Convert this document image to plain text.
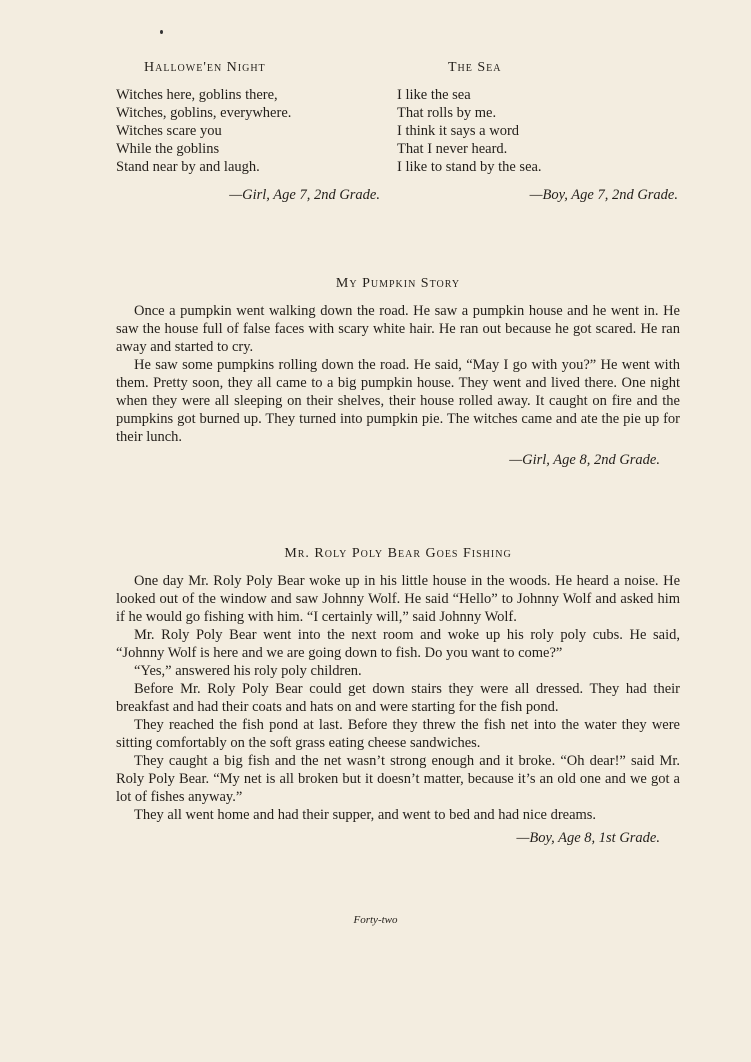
Hallowe'en Night
Witches here, goblins there,
Witches, goblins, everywhere.
Witches scare you
While the goblins
Stand near by and laugh.
—Girl, Age 7, 2nd Grade.
The Sea
I like the sea
That rolls by me.
I think it says a word
That I never heard.
I like to stand by the sea.
—Boy, Age 7, 2nd Grade.
My Pumpkin Story

Once a pumpkin went walking down the road. He saw a pumpkin house and he went in. He saw the house full of false faces with scary white hair. He ran out because he got scared. He ran away and started to cry.

He saw some pumpkins rolling down the road. He said, “May I go with you?” He went with them. Pretty soon, they all came to a big pumpkin house. They went and lived there. One night when they were all sleeping on their shelves, their house rolled away. It caught on fire and the pumpkins got burned up. They turned into pumpkin pie. The witches came and ate the pie up for their lunch.

—Girl, Age 8, 2nd Grade.
Mr. Roly Poly Bear Goes Fishing

One day Mr. Roly Poly Bear woke up in his little house in the woods. He heard a noise. He looked out of the window and saw Johnny Wolf. He said “Hello” to Johnny Wolf and asked him if he would go fishing with him. “I certainly will,” said Johnny Wolf.

Mr. Roly Poly Bear went into the next room and woke up his roly poly cubs. He said, “Johnny Wolf is here and we are going down to fish. Do you want to come?”

“Yes,” answered his roly poly children.

Before Mr. Roly Poly Bear could get down stairs they were all dressed. They had their breakfast and had their coats and hats on and were starting for the fish pond.

They reached the fish pond at last. Before they threw the fish net into the water they were sitting comfortably on the soft grass eating cheese sandwiches.

They caught a big fish and the net wasn’t strong enough and it broke. “Oh dear!” said Mr. Roly Poly Bear. “My net is all broken but it doesn’t matter, because it’s an old one and we got a lot of fishes anyway.”

They all went home and had their supper, and went to bed and had nice dreams.

—Boy, Age 8, 1st Grade.
Forty-two
